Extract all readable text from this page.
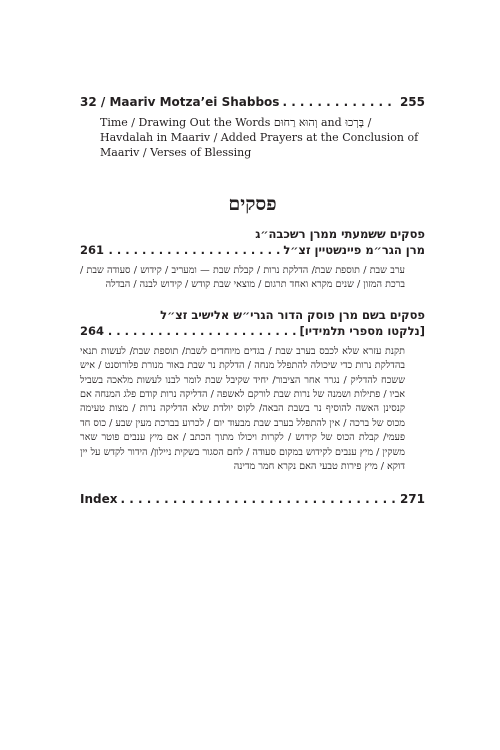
32 / Maariv Motza’ei Shabbos . . .	255
Time / Drawing Out the Words וְהוּא רַחוּם and בָּרְכוּ / Havdalah in Maariv / Added Prayers at the Conclusion of Maariv / Verses of Blessing
פסקים
פסקים ששמעתי ממרן רשכבה״ג
מרן הגר״מ פיינשטיין זצ״ל
. . .
261
ערב שבת / תוספת שבת/ הדלקת נרות / קבלת שבת — ומעריב / קידוש / סעודה שבת / ברכת המזון / שנים מקרא ואחד תרגום / מוצאי שבת קודש / קידוש לבנה / הבדלה
פסקים בשם מרן פוסק הדור הגרי״ש אלישיב זצ״ל
[נלקטו מספרי תלמידיו]
. . .
264
תקנת עזרא שלא לכבס בערב שבת / בגדים מיוחדים לשבת/ תוספת שבת/ לעשות תנאי בהדלקת נרות כדי שיכולה להתפלל מנחה / הדלקת נר שבת באור מנורת פלורוסנט / איש ששכח להדליק / נגרר אחר הציבור/ יחיד שקיבל שבת לומר לבנו לעשות מלאכה בשביל אביו / פתילות ושמנה של נרות שבת לורקם לאשפה / הדליקה נרות קודם פלג המנחה אם קנסינן האשה להוסיף נר בשבת הבאה/ לקוס יולדת שלא הדליקה נרות / מצות טעימה מכוס של ברכה / אין להתפלל בערב שבת מבעוד יום / לכרוע בברכת מעין שבע / כוס חד פעמי/ קבלת הכוס של קידוש / לקרות ויכולו מתוך הכתב / אם מיץ ענבים פוטר שאר משקין / מיץ ענבים לקידוש במקום סעודה / לחם הסגור בשקית ניילון/ הידור לקדש על יין דוקא / מיץ פירות טבעי האם נקרא חמר מדינה
Index . . .	271
